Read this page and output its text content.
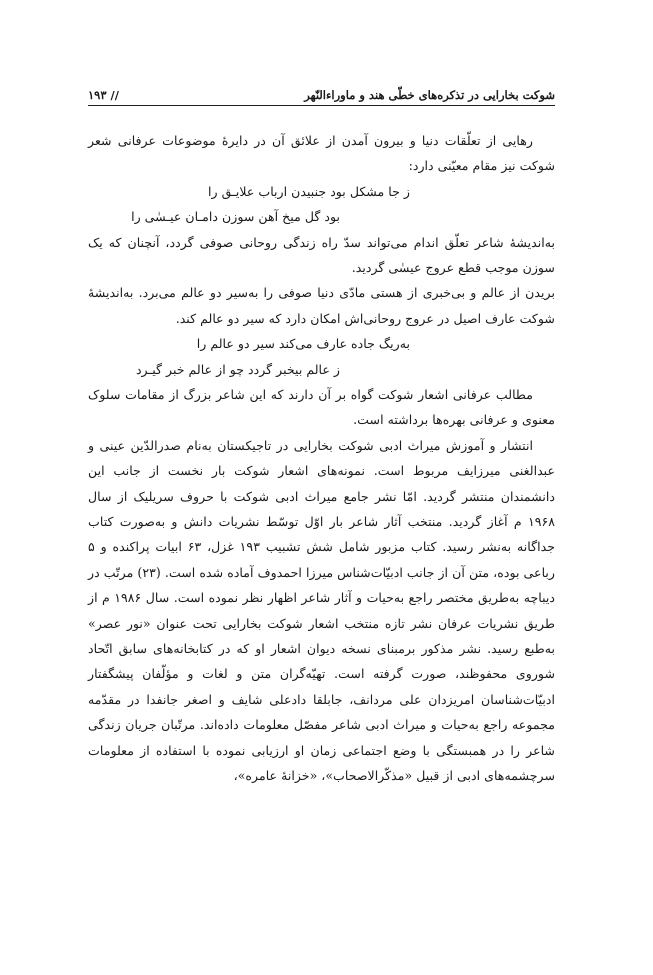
شوکت بخارایی در تذکره‌های خطّی هند و ماوراءالنّهر
// ۱۹۳

رهایی از تعلّقات دنیا و بیرون آمدن از علائق آن در دایرۀ موضوعات عرفانی شعر شوکت نیز مقام معیّنی دارد:

ز جا مشکل بود جنبیدن ارباب علایـق را
بود گل میخ آهن سوزن دامـان عیـسٰی را

به‌اندیشۀ شاعر تعلّق اندام می‌تواند سدّ راه زندگی روحانی صوفی گردد، آنچنان که یک سوزن موجب قطع عروج عیسٰی گردید.

بریدن از عالم و بی‌خبری از هستی مادّی دنیا صوفی را به‌سیر دو عالم می‌برد. به‌اندیشۀ شوکت عارف اصیل در عروج روحانی‌اش امکان دارد که سیر دو عالم کند.

به‌ریگ جاده عارف می‌کند سیر دو عالم را
ز عالم بیخبر گردد چو از عالم خبر گیـرد

مطالب عرفانی اشعار شوکت گواه بر آن دارند که این شاعر بزرگ از مقامات سلوک معنوی و عرفانی بهره‌ها برداشته است.

انتشار و آموزش میراث ادبی شوکت بخارایی در تاجیکستان به‌نام صدرالدّین عینی و عبدالغنی میرزایف مربوط است. نمونه‌های اشعار شوکت بار نخست از جانب این دانشمندان منتشر گردید. امّا نشر جامع میراث ادبی شوکت با حروف سریلیک از سال ۱۹۶۸ م آغاز گردید. منتخب آثار شاعر بار اوّل توسّط نشریات دانش و به‌صورت کتاب جداگانه به‌نشر رسید. کتاب مزبور شامل شش تشبیب ۱۹۳ غزل، ۶۳ ابیات پراکنده و ۵ رباعی بوده، متن آن از جانب ادبیّات‌شناس میرزا احمدوف آماده شده است. (۲۳) مرتّب در دیباچه به‌طریق مختصر راجع به‌حیات و آثار شاعر اظهار نظر نموده است. سال ۱۹۸۶ م از طریق نشریات عرفان نشر تازه منتخب اشعار شوکت بخارایی تحت عنوان «نور عصر» به‌طبع رسید. نشر مذکور برمبنای نسخه دیوان اشعار او که در کتابخانه‌های سابق اتّحاد شوروی محفوظند، صورت گرفته است. تهیّه‌گران متن و لغات و مؤلّفان پیشگفتار ادبیّات‌شناسان امریزدان علی مردانف، جابلقا دادعلی شایف و اصغر جانفدا در مقدّمه مجموعه راجع به‌حیات و میراث ادبی شاعر مفصّل معلومات داده‌اند. مرتّبان جریان زندگی شاعر را در همبستگی با وضع اجتماعی زمان او ارزیابی نموده با استفاده از معلومات سرچشمه‌های ادبی از قبیل «مذکّرالاصحاب»، «خزانۀ عامره»،
